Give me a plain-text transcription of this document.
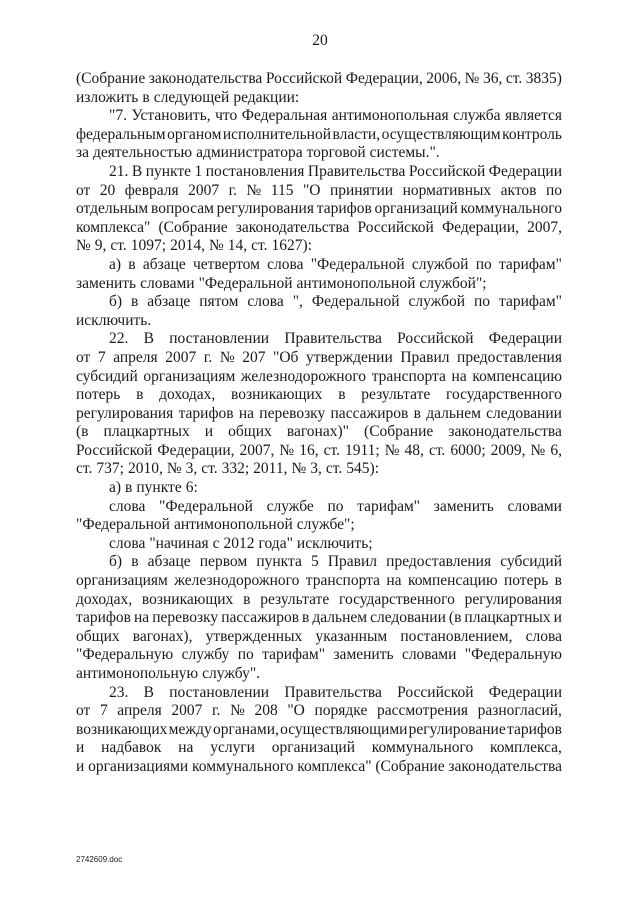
20
(Собрание законодательства Российской Федерации, 2006, № 36, ст. 3835)
изложить в следующей редакции:
"7. Установить, что Федеральная антимонопольная служба является
федеральным органом исполнительной власти, осуществляющим контроль
за деятельностью администратора торговой системы.".
21. В пункте 1 постановления Правительства Российской Федерации
от 20 февраля 2007 г. № 115 "О принятии нормативных актов по
отдельным вопросам регулирования тарифов организаций коммунального
комплекса" (Собрание законодательства Российской Федерации, 2007,
№ 9, ст. 1097; 2014, № 14, ст. 1627):
а) в абзаце четвертом слова "Федеральной службой по тарифам"
заменить словами "Федеральной антимонопольной службой";
б) в абзаце пятом слова ", Федеральной службой по тарифам"
исключить.
22. В постановлении Правительства Российской Федерации
от 7 апреля 2007 г. № 207 "Об утверждении Правил предоставления
субсидий организациям железнодорожного транспорта на компенсацию
потерь в доходах, возникающих в результате государственного
регулирования тарифов на перевозку пассажиров в дальнем следовании
(в плацкартных и общих вагонах)" (Собрание законодательства
Российской Федерации, 2007, № 16, ст. 1911; № 48, ст. 6000; 2009, № 6,
ст. 737; 2010, № 3, ст. 332; 2011, № 3, ст. 545):
а) в пункте 6:
слова "Федеральной службе по тарифам" заменить словами
"Федеральной антимонопольной службе";
слова "начиная с 2012 года" исключить;
б) в абзаце первом пункта 5 Правил предоставления субсидий
организациям железнодорожного транспорта на компенсацию потерь в
доходах, возникающих в результате государственного регулирования
тарифов на перевозку пассажиров в дальнем следовании (в плацкартных и
общих вагонах), утвержденных указанным постановлением, слова
"Федеральную службу по тарифам" заменить словами "Федеральную
антимонопольную службу".
23. В постановлении Правительства Российской Федерации
от 7 апреля 2007 г. № 208 "О порядке рассмотрения разногласий,
возникающих между органами, осуществляющими регулирование тарифов
и надбавок на услуги организаций коммунального комплекса,
и организациями коммунального комплекса" (Собрание законодательства
2742609.doc
